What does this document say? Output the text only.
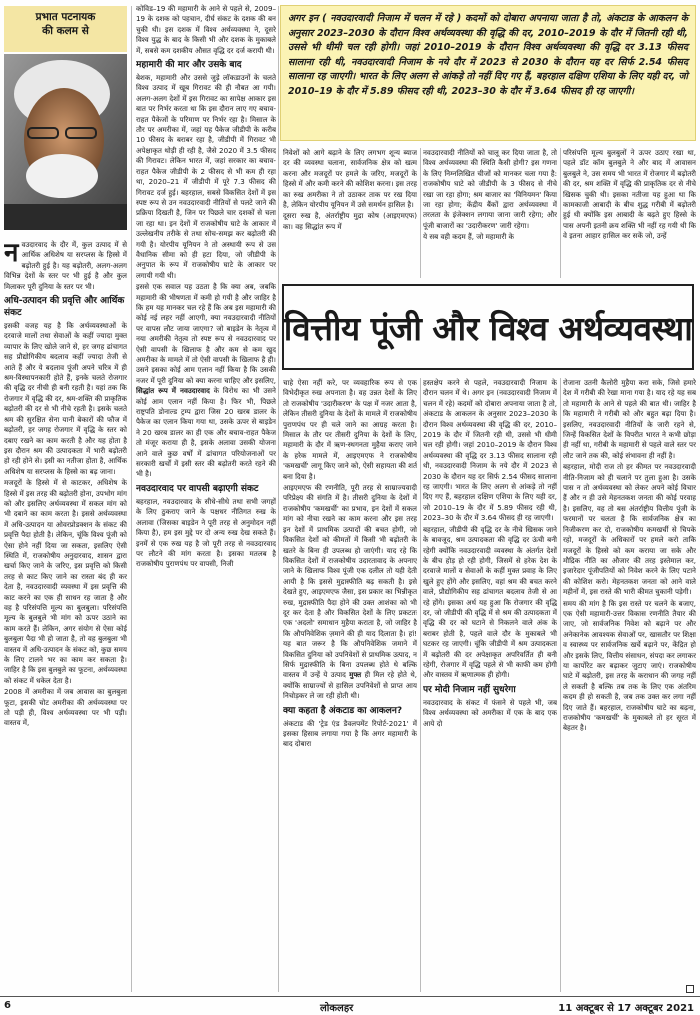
प्रभात पटनायक
की कलम से

नवउदारवाद के दौर में, कुल उत्पाद में से आर्थिक अधिशेष या सरप्लस के हिस्से में बढ़ोतरी हुई है। यह बढ़ोतरी, अलग-अलग विभिन्न देशों के स्तर पर भी हुई है और कुल मिलाकर पूरी दुनिया के स्तर पर भी।

अधि-उत्पादन की प्रवृत्ति और आर्थिक संकट

इसकी वजह यह है कि अर्थव्यवस्थाओं के दरवाजे मालों तथा सेवाओं के कहीं ज्यादा मुक्त व्यापार के लिए खोले जाने से, हर जगह ढांचागत सह प्रौद्योगिकीय बदलाव कहीं ज्यादा तेजी से आते हैं और ये बदलाव पूंजी अपने चरित्र में ही श्रम-विस्थापनकारी होते हैं, इनके चलते रोजगार की वृद्धि दर नीची ही बनी रहती है। यहां तक कि रोजगार में वृद्धि की दर, श्रम-शक्ति की प्राकृतिक बढ़ोतरी की दर से भी नीचे रहती है। इसके चलते श्रम की सुरक्षित सेना यानी बेकारों की फौज में बढ़ोतरी, हर जगह रोजगार में वृद्धि के स्तर को दबाए रखने का काम करती है और यह होता है इस दौरान श्रम की उत्पादकता में भारी बढ़ोतरी हो रही होने से। इसी का नतीजा होता है, आर्थिक अधिशेष या सरप्लस के हिस्से का बढ़ जाना।

मजदूरों के हिस्से में से काटकर, अधिशेष के हिस्से में इस तरह की बढ़ोतरी होना, उपभोग मांग को और इसलिए अर्थव्यवस्था में सकल मांग को भी दबाने का काम करता है। इससे अर्थव्यवस्था में अधि-उत्पादन या ओवरप्रोडक्शन के संकट की प्रवृत्ति पैदा होती है। लेकिन, चूंकि विश्व पूंजी को ऐसा होने नहीं दिया जा सकता, इसलिए ऐसी स्थिति में, राजकोषीय अनुदारवाद, शासन द्वारा खर्चा किए जाने के जरिए, इस प्रवृत्ति को किसी तरह से काट किए जाने का रास्ता बंद ही कर देता है, नवउदारवादी व्यवस्था में इस प्रवृत्ति की काट करने का एक ही साधन रह जाता है और वह है परिसंपत्ति मूल्य का बुलबुला। परिसंपत्ति मूल्य के बुलबुले भी मांग को ऊपर उठाने का काम करते हैं। लेकिन, अगर संयोग से ऐसा कोई बुलबुला पैदा भी हो जाता है, तो वह बुलबुला भी वास्तव में अधि-उत्पादन के संकट को, कुछ समय के लिए टालने भर का काम कर सकता है। जाहिर है कि इस बुलबुले का फूटना, अर्थव्यवस्था को संकट में धकेल देता है।

2008 में अमरीका में जब आवास का बुलबुला फूटा, इसकी चोट अमरीका की अर्थव्यवस्था पर तो पड़ी ही, विश्व अर्थव्यवस्था पर भी पड़ी। वास्तव में,

कोविड–19 की महामारी के आने से पहले से, 2009–19 के दशक को पहचान, दीर्घ संकट के दशक की बन चुकी थी। इस दशक में विश्व अर्थव्यवस्था ने, दूसरे विश्व युद्ध के बाद के किसी भी और दशक के मुकाबले में, सबसे कम दशकीय औसत वृद्धि दर दर्ज करायी थी।

महामारी की मार और उसके बाद

बेशक, महामारी और उससे जुड़े लॉकडाउनों के चलते विश्व उत्पाद में खूब गिरावट की ही नौबत आ गयी। अलग-अलग देशों में इस गिरावट का सापेक्ष आकार इस बात पर निर्भर करता था कि इस दौरान लाए गए बचाव-राहत पैकेजों के परिमाण पर निर्भर रहा है। मिसाल के तौर पर अमरीका में, जहां यह पैकेज जीडीपी के करीब 10 फीसद के बराबर रहा है, जीडीपी में गिरावट भी अपेक्षाकृत थोड़ी ही रही है, जैसे 2020 में 3.5 फीसद की गिरावट। लेकिन भारत में, जहां सरकार का बचाव-राहत पैकेज जीडीपी के 2 फीसद से भी कम ही रहा था, 2020–21 में जीडीपी में पूरे 7.3 फीसद की गिरावट दर्ज हुई। बहरहाल, सबसे विकसित देशों में इस स्पष्ट रूप से उन नवउदारवादी नीतियों से पलटे जाने की प्रक्रिया दिखती है, जिन पर पिछले चार दशकों से चला जा रहा था। इन देशों में राजकोषीय घाटे के आकार में उल्लेखनीय तरीके से तथा सोच-समझ कर बढ़ोतरी की गयी है। योरपीय यूनियन ने तो अस्थायी रूप से उस वैधानिक सीमा को ही हटा दिया, जो जीडीपी के अनुपात के रूप में राजकोषीय घाटे के आकार पर लगायी गयी थी।

इससे एक सवाल यह उठता है कि क्या अब, जबकि महामारी की भीषणता में कमी हो गयी है और जाहिर है कि हम यह मानकर चल रहे हैं कि अब इस महामारी की कोई नई लहर नहीं आएगी, क्या नवउदारवादी नीतियों पर वापस लौट जाया जाएगा? जो बाइडेन के नेतृत्व में नया अमरीकी नेतृत्व तो स्पष्ट रूप से नवउदारवाद पर ऐसी वापसी के खिलाफ है और कम से कम खुद अमरीका के मामले में तो ऐसी वापसी के खिलाफ है ही। उसने इसका कोई आम एलान नहीं किया है कि उसकी नजर में पूरी दुनिया को क्या करना चाहिए और इसलिए, सिद्धांत रूप में नवउदारवाद के विरोध का भी उसने कोई आम एलान नहीं किया है। फिर भी, पिछले राष्ट्रपति डोनाल्ड ट्रम्प द्वारा जिस 20 खरब डालर के पैकेज का एलान किया गया था, उसके ऊपर से बाइडेन ने 20 खरब डालर का ही एक और बचाव-राहत पैकेज तो मंजूर कराया ही है, इसके अलावा उसकी योजना आने वाले कुछ वर्षों में ढांचागत परियोजनाओं पर सरकारी खर्चों में इसी स्तर की बढ़ोतरी करते रहने की भी है।

नवउदारवाद पर वापसी बढ़ाएगी संकट

बहरहाल, नवउदारवाद के सीधे-सीधे तथा सभी जगहों के लिए ठुकराए जाने के पक्षधर नीतिगत रुख के अलावा (जिसका बाइडेन ने पूरी तरह से अनुमोदन नहीं किया है), हम इस मुद्दे पर दो अन्य रुख देख सकते हैं। इनमें से एक रुख यह है जो पूरी तरह से नवउदारवाद पर लौटने की मांग करता है। इसका मतलब है राजकोषीय पुराणपंथ पर वापसी, निजी

अगर इन ( नवउदारवादी निजाम में चलन में रहे ) कदमों को दोबारा अपनाया जाता है तो, अंकटाड के आकलन के अनुसार 2023–2030 के दौरान विश्व अर्थव्यवस्था की वृद्धि की दर, 2010–2019 के दौर में जितनी रही थी, उससे भी धीमी चल रही होगी। जहां 2010–2019 के दौरान विश्व अर्थव्यवस्था की वृद्धि दर 3.13 फीसद सालाना रही थी, नवउदारवादी निजाम के नये दौर में 2023 से 2030 के दौरान यह दर सिर्फ 2.54 फीसद सालाना रह जाएगी। भारत के लिए अलग से आंकड़े तो नहीं दिए गए हैं, बहरहाल दक्षिण एशिया के लिए यही दर, जो 2010–19 के दौर में 5.89 फीसद रही थी, 2023–30 के दौर में 3.64 फीसद ही रह जाएगी।

निवेशों को आगे बढ़ाने के लिए लगभग शून्य ब्याज दर की व्यवस्था चलाना, सार्वजनिक क्षेत्र को खत्म करना और मजदूरों पर हमले के जरिए, मजदूरों के हिस्से में और कमी करने की कोशिश करना। इस तरह का रुख अमरीका ने तो उठाकर ताक पर रख दिया है, लेकिन योरपीय यूनियन में उसे समर्थन हासिल है।

दूसरा रुख है, अंतर्राष्ट्रीय मुद्रा कोष (आइएमएफ) का। वह सिद्धांत रूप में

नवउदारवादी नीतियों को चालू कर दिया जाता है, तो विश्व अर्थव्यवस्था की स्थिति कैसी होगी? इस गणना के लिए निम्नलिखित चीजों को मानकर चला गया है: राजकोषीय घाटे को जीडीपी के 3 फीसद से नीचे रखा जा रहा होगा; श्रम बाजार का 'विनियमन' किया जा रहा होगा; केंद्रीय बैंकों द्वारा अर्थव्यवस्था में तरलता के इंजेक्शन लगाया जाना जारी रहेगा; और पूंजी बाजारों का 'उदारीकरण' जारी रहेगा।

ये सब वही कदम हैं, जो महामारी के

परिसंपत्ति मूल्य बुलबुलों ने ऊपर उठाए रखा था, पहले डॉट कॉम बुलबुले ने और बाद में आवासन बुलबुले ने, उस समय भी भारत में रोजगार में बढ़ोतरी की दर, श्रम शक्ति में वृद्धि की प्राकृतिक दर से नीचे खिसक चुकी थी। इसका नतीजा यह हुआ था कि कामकाजी आबादी के बीच शुद्ध गरीबी में बढ़ोतरी हुई थी क्योंकि इस आबादी के बढ़ते हुए हिस्से के पास अपनी इतनी क्रय शक्ति भी नहीं रह गयी थी कि वे इतना आहार हासिल कर सकें जो, उन्हें

वित्तीय पूंजी और विश्व अर्थव्यवस्था

चाहे ऐसा नहीं करे, पर व्यवहारिक रूप से एक विभेदीकृत रुख अपनाता है। वह उन्नत देशों के लिए तो राजकोषीय 'उदारीकरण' के पक्ष में नजर आता है, लेकिन तीसरी दुनिया के देशों के मामले में राजकोषीय पुराणपंथ पर ही चले जाने का आग्रह करता है। मिसाल के तौर पर तीसरी दुनिया के देशों के लिए, महामारी के दौर में ऋण-स्थगनता मुहैया कराए जाने के हरेक मामले में, आइएमएफ ने राजकोषीय 'कमखर्ची' लागू किए जाने को, ऐसी सहायता की शर्त बना दिया है।

आइएमएफ की रणनीति, पूरी तरह से साम्राज्यवादी परिप्रेक्ष्य की संगति में है। तीसरी दुनिया के देशों में राजकोषीय 'कमखर्ची' का प्रभाव, इन देशों में सकल मांग को नीचा रखने का काम करना और इस तरह इन देशों में प्राथमिक उत्पादों की बचत होगी, जो विकसित देशों को कीमतों में किसी भी बढ़ोतरी के खतरे के बिना ही उपलब्ध हो जाएंगी। याद रहे कि विकसित देशों में राजकोषीय उदारतावाद के अपनाए जाने के खिलाफ विश्व पूंजी एक दलील तो यही देती आयी है कि इससे मुद्रास्फीति बढ़ सकती है। इसे देखते हुए, आइएमएफ जैसा, इस प्रकार का भिन्नीकृत रुख, मुद्रास्फीति पैदा होने की उक्त आशंका को भी दूर कर देता है और विकसित देशों के लिए प्रकटतः एक 'अदलो' समाधान मुहैया कराता है, जो जाहिर है कि औपनिवेशिक ज़माने की ही याद दिलाता है। हां! यह बात जरूर है कि औपनिवेशिक जमाने में विकसित दुनिया को उपनिवेशों से प्राथमिक उत्पाद, न सिर्फ मुद्रास्फीति के बिना उपलब्ध होते थे बल्कि वास्तव में उन्हें ये उत्पाद मुफ्त ही मिल रहे होते थे, क्योंकि साम्राज्यों से हासिल उपनिवेशों से प्राप्त आय निचोड़कर ले जा रही होती थी।

क्या कहता है अंकटाड का आकलन?

अंकटाड की 'ट्रेड एंड डैवलपमेंट रिपोर्ट-2021' में इसका हिसाब लगाया गया है कि अगर महामारी के बाद दोबारा

हस्तक्षेप करने से पहले, नवउदारवादी निजाम के दौरान चलन में थे। अगर इन (नवउदारवादी निजाम में चलन में रहे) कदमों को दोबारा अपनाया जाता है तो, अंकटाड के आकलन के अनुसार 2023–2030 के दौरान विश्व अर्थव्यवस्था की वृद्धि की दर, 2010–2019 के दौर में जितनी रही थी, उससे भी धीमी चल रही होगी। जहां 2010–2019 के दौरान विश्व अर्थव्यवस्था की वृद्धि दर 3.13 फीसद सालाना रही थी, नवउदारवादी निजाम के नये दौर में 2023 से 2030 के दौरान यह दर सिर्फ 2.54 फीसद सालाना रह जाएगी। भारत के लिए अलग से आंकड़े तो नहीं दिए गए हैं, बहरहाल दक्षिण एशिया के लिए यही दर, जो 2010–19 के दौर में 5.89 फीसद रही थी, 2023–30 के दौर में 3.64 फीसद ही रह जाएगी।

बहरहाल, जीडीपी की वृद्धि दर के नीचे खिसक जाने के बावजूद, श्रम उत्पादकता की वृद्धि दर ऊंची बनी रहेगी क्योंकि नवउदारवादी व्यवस्था के अंतर्गत देशों के बीच होड़ हो रही होगी, जिसमें से हरेक देश के दरवाजे मालों व सेवाओं के कहीं मुक्त प्रवाह के लिए खुले हुए होंगे और इसलिए, वहां श्रम की बचत करने वाले, प्रौद्योगिकीय सह ढांचागत बदलाव तेजी से आ रहे होंगे। इसका अर्थ यह हुआ कि रोजगार की वृद्धि दर, जो जीडीपी की वृद्धि में से श्रम की उत्पादकता में वृद्धि की दर को घटाने से निकलने वाले अंक के बराबर होती है, पहले वाले दौर के मुकाबले भी घटकर रह जाएगी। चूंकि जीडीपी में श्रम उत्पादकता में बढ़ोतरी की दर अपेक्षाकृत अपरिवर्तित ही बनी रहेगी, रोजगार में वृद्धि पहले से भी काफी कम होगी और वास्तव में ऋणात्मक ही होगी।

पर मोदी निजाम नहीं सुधरेगा

नवउदारवाद के संकट में फंसने से पहले भी, जब विश्व अर्थव्यवस्था को अमरीका में एक के बाद एक आये दो

रोजाना उतनी कैलोरी मुहैया करा सके, जिसे हमारे देश में गरीबी की रेखा माना गया है। याद रहे यह सब तो महामारी के आने से पहले की बात थी। जाहिर है कि महामारी ने गरीबी को और बहुत बढ़ा दिया है। इसलिए, नवउदारवादी नीतियों के जारी रहने से, जिन्हें विकसित देशों के विपरीत भारत ने कभी छोड़ा ही नहीं था, गरीबी के महामारी से पहले वाले स्तर पर लौट जाने तक की, कोई संभावना ही नहीं है।

बहरहाल, मोदी राज तो हर कीमत पर नवउदारवादी नीति-निजाम को ही चलाने पर तुला हुआ है। उसके पास न तो अर्थव्यवस्था को लेकर अपने कोई विचार हैं और न ही उसे मेहनतकश जनता की कोई परवाह है। इसलिए, वह तो बस अंतर्राष्ट्रीय वित्तीय पूंजी के फरमानों पर चलता है कि सार्वजनिक क्षेत्र का निजीकरण कर दो, राजकोषीय कमखर्ची से चिपके रहो, मजदूरों के अधिकारों पर हमले करो ताकि मजदूरों के हिस्से को कम कराया जा सके और मौद्रिक नीति का औजार की तरह इस्तेमाल कर, इजारेदार पूंजीपतियों को निवेश करने के लिए पटाने की कोशिश करो। मेहनतकश जनता को आने वाले महीनों में, इस रास्ते की भारी कीमत चुकानी पड़ेगी।

समय की मांग है कि इस रास्ते पर चलने के बजाए, एक ऐसी महामारी-उत्तर विकास रणनीति तैयार की जाए, जो सार्वजनिक निवेश को बढ़ाने पर और अनेकानेक आवश्यक सेवाओं पर, खासतौर पर शिक्षा व स्वास्थ्य पर सार्वजनिक खर्चे बढ़ाने पर, केंद्रित हो और इसके लिए, वित्तीय संसाधन, संपदा कर लगाकर या कार्पोरेट कर बढ़ाकर जुटाए जाएं। राजकोषीय घाटे में बढ़ोतरी, इस तरह के कराधान की जगह नहीं ले सकती है बल्कि तब तक के लिए एक अंतरिम कदम ही हो सकती है, जब तक उक्त कर लगा नहीं दिए जाते हैं। बहरहाल, राजकोषीय घाटे का बढ़ना, राजकोषीय 'कमखर्ची' के मुकाबले तो हर सूरत में बेहतर है।

6	लोकलहर	11 अक्टूबर से 17 अक्टूबर 2021
